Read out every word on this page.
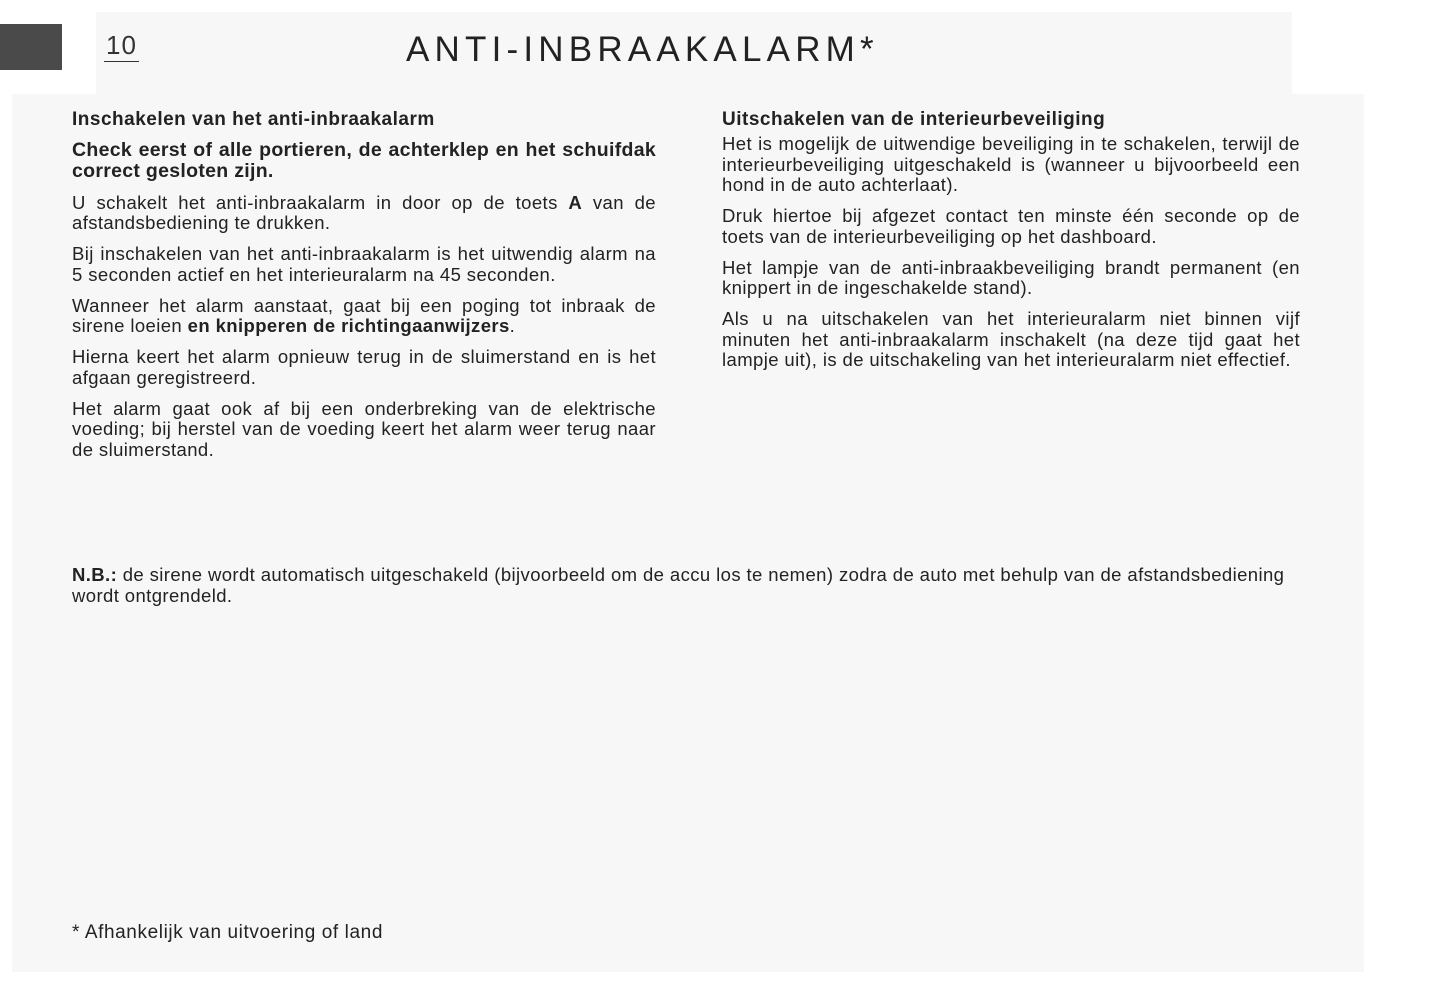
10	ANTI-INBRAAKALARM*
Inschakelen van het anti-inbraakalarm

Check eerst of alle portieren, de achterklep en het schuifdak correct gesloten zijn.

U schakelt het anti-inbraakalarm in door op de toets A van de afstandsbediening te drukken.

Bij inschakelen van het anti-inbraakalarm is het uitwendig alarm na 5 seconden actief en het interieuralarm na 45 seconden.

Wanneer het alarm aanstaat, gaat bij een poging tot inbraak de sirene loeien en knipperen de richtingaanwijzers.

Hierna keert het alarm opnieuw terug in de sluimerstand en is het afgaan geregistreerd.

Het alarm gaat ook af bij een onderbreking van de elektrische voeding; bij herstel van de voeding keert het alarm weer terug naar de sluimerstand.

Uitschakelen van de interieurbeveiliging

Het is mogelijk de uitwendige beveiliging in te schakelen, terwijl de interieurbeveiliging uitgeschakeld is (wanneer u bijvoorbeeld een hond in de auto achterlaat).

Druk hiertoe bij afgezet contact ten minste één seconde op de toets van de interieurbeveiliging op het dashboard.

Het lampje van de anti-inbraakbeveiliging brandt permanent (en knippert in de ingeschakelde stand).

Als u na uitschakelen van het interieuralarm niet binnen vijf minuten het anti-inbraakalarm inschakelt (na deze tijd gaat het lampje uit), is de uitschakeling van het interieuralarm niet effectief.

N.B.: de sirene wordt automatisch uitgeschakeld (bijvoorbeeld om de accu los te nemen) zodra de auto met behulp van de afstandsbediening wordt ontgrendeld.

* Afhankelijk van uitvoering of land
